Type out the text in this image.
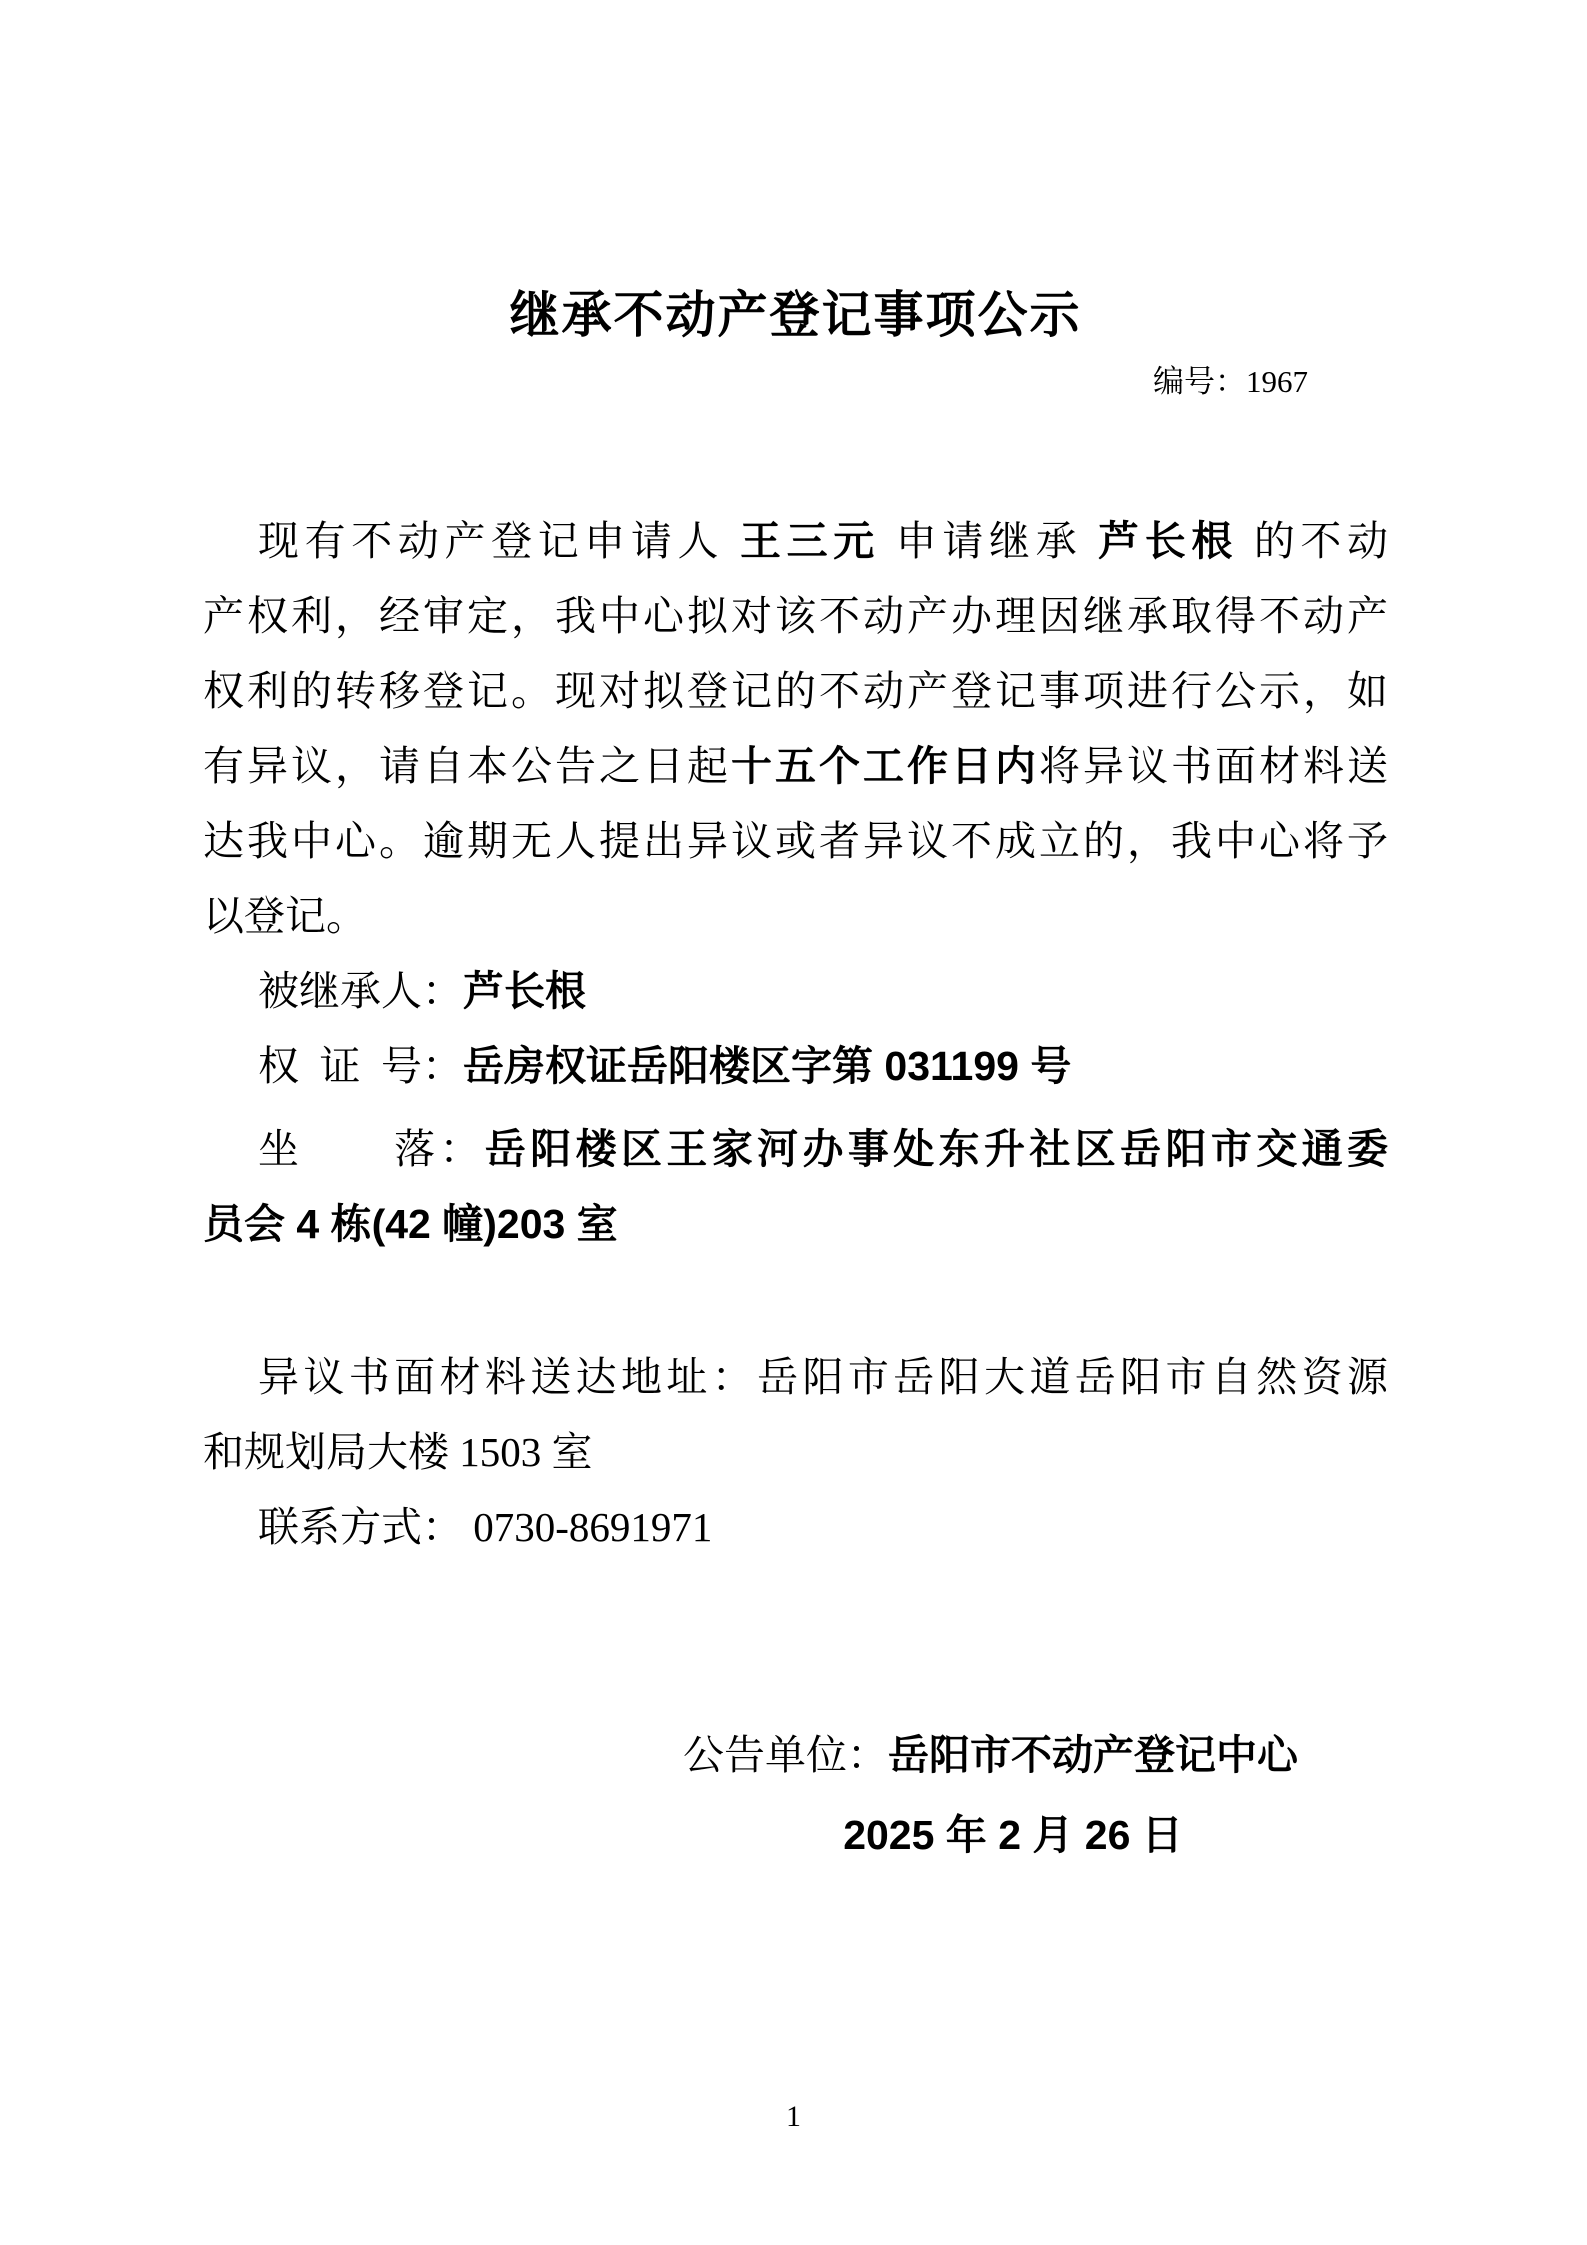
继承不动产登记事项公示
编号：1967
现有不动产登记申请人 王三元 申请继承 芦长根 的不动
产权利，经审定，我中心拟对该不动产办理因继承取得不动产
权利的转移登记。现对拟登记的不动产登记事项进行公示，如
有异议，请自本公告之日起十五个工作日内将异议书面材料送
达我中心。逾期无人提出异议或者异议不成立的，我中心将予
以登记。
被继承人：芦长根
权 证 号：岳房权证岳阳楼区字第 031199 号
坐　　落：岳阳楼区王家河办事处东升社区岳阳市交通委
员会 4 栋(42 幢)203 室
异议书面材料送达地址：岳阳市岳阳大道岳阳市自然资源
和规划局大楼 1503 室
联系方式： 0730-8691971
公告单位：岳阳市不动产登记中心
2025 年 2 月 26 日
1
